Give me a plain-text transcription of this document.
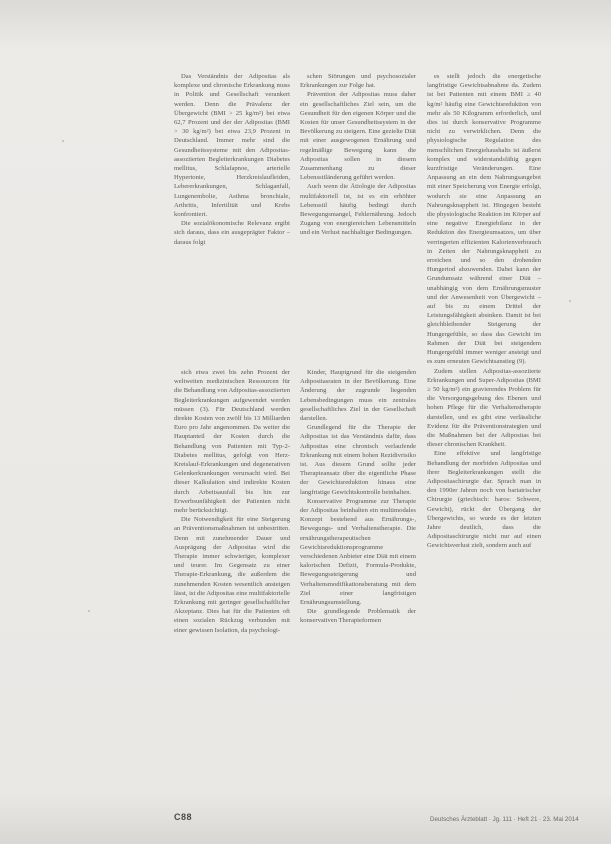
Das Verständnis der Adipositas als komplexe und chronische Erkrankung muss in Politik und Gesellschaft verankert werden. Denn die Prävalenz der Übergewicht (BMI > 25 kg/m²) bei etwa 62,7 Prozent und der der Adipositas (BMI > 30 kg/m²) bei etwa 23,9 Prozent in Deutschland. Immer mehr sind die Gesundheitssysteme mit den Adipositas-assoziierten Begleiterkrankungen Diabetes mellitus, Schlafapnoe, arterielle Hypertonie, Herzkreislaufleiden, Lebererkrankungen, Schlaganfall, Lungenembolie, Asthma bronchiale, Arthritis, Infertilität und Krebs konfrontiert.

Die sozialökonomische Relevanz ergibt sich daraus, dass ein ausgeprägter Faktor – daraus folgt

schen Störungen und psychosozialer Erkrankungen zur Folge hat.

Prävention der Adipositas muss daher ein gesellschaftliches Ziel sein, um die Gesundheit für den eigenen Körper und die Kosten für unser Gesundheitssystem in der Bevölkerung zu steigern. Eine gezielte Diät mit einer ausgewogenen Ernährung und regelmäßige Bewegung kann die Adipositas sollen in diesem Zusammenhang zu dieser Lebensstiländerung geführt werden.

Auch wenn die Ätiologie der Adipositas multifaktoriell ist, ist es ein erhöhter Lebensstil häufig bedingt durch Bewegungsmangel, Fehlernährung. Jedoch Zugang von energiereichen Lebensmitteln und ein Verlust nachhaltiger Bedingungen.

es stellt jedoch die energetische langfristige Gewichtsabnahme da. Zudem ist bei Patienten mit einem BMI ≥ 40 kg/m² häufig eine Gewichtsreduktion von mehr als 50 Kilogramm erforderlich, und dies ist durch konservative Programme nicht zu verwirklichen. Denn die physiologische Regulation des menschlichen Energiehaushalts ist äußerst komplex und widerstandsfähig gegen kurzfristige Veränderungen. Eine Anpassung an ein dem Nahrungsangebot mit einer Speicherung von Energie erfolgt, wodurch sie eine Anpassung an Nahrungsknappheit ist. Hingegen besteht die physiologische Reaktion im Körper auf eine negative Energiebilanz in der Reduktion des Energieumsatzes, um über verringerten effizienten Kalorienverbrauch in Zeiten der Nahrungsknappheit zu erreichen und so den drohenden Hungertod abzuwenden. Dabei kann der Grundumsatz während einer Diät – unabhängig von dem Ernährungsmuster und der Anwesenheit von Übergewicht – auf bis zu einem Drittel der Leistungsfähigkeit absinken. Damit ist bei gleichbleibender Steigerung der Hungergefühle, so dass das Gewicht im Rahmen der Diät bei steigendem Hungergefühl immer weniger ansteigt und es zum erneuten Gewichtsanstieg (9).

Zudem stellen Adipositas-assoziierte Erkrankungen und Super-Adipositas (BMI ≥ 50 kg/m²) ein gravierendes Problem für die Versorgungsgebung des Ebenen und hohen Pflege für die Verhaltenstherapie darstellen, und es gibt eine verlässliche Evidenz für die Präventionstrategien und die Maßnahmen bei der Adipositas bei dieser chronischen Krankheit.

Eine effektive und langfristige Behandlung der morbiden Adipositas und ihrer Begleiterkrankungen stellt die Adipositaschirurgie dar. Sprach man in den 1990er Jahren noch von bariatrischer Chirurgie (griechisch: baros: Schwere, Gewicht), rückt der Übergang der Übergewichts, so wurde es der letzten Jahre deutlich, dass die Adipositaschirurgie nicht nur auf einen Gewichtsverlust zielt, sondern auch auf

sich etwa zwei bis zehn Prozent der weltweiten medizinischen Ressourcen für die Behandlung von Adipositas-assoziierten Begleiterkrankungen aufgewendet werden müssen (3). Für Deutschland werden direkte Kosten von zwölf bis 13 Milliarden Euro pro Jahr angenommen. Da weiter die Hauptanteil der Kosten durch die Behandlung von Patienten mit Typ-2-Diabetes mellitus, gefolgt von Herz-Kreislauf-Erkrankungen und degenerativen Gelenkerkrankungen verursacht wird. Bei dieser Kalkulation sind indirekte Kosten durch Arbeitsausfall bis hin zur Erwerbsunfähigkeit der Patienten nicht mehr berücksichtigt.

Die Notwendigkeit für eine Steigerung an Präventionsmaßnahmen ist unbestritten. Denn mit zunehmender Dauer und Ausprägung der Adipositas wird die Therapie immer schwieriger, komplexer und teurer. Im Gegensatz zu einer Therapie-Erkrankung, die außerdem die zunehmenden Kosten wesentlich ansteigen lässt, ist die Adipositas eine multifaktorielle Erkrankung mit geringer gesellschaftlicher Akzeptanz. Dies hat für die Patienten oft einen sozialen Rückzug verbunden mit einer gewissen Isolation, da psychologi-

Kinder, Hauptgrund für die steigenden Adipositasraten in der Bevölkerung. Eine Änderung der zugrunde liegenden Lebensbedingungen muss ein zentrales gesellschaftliches Ziel in der Gesellschaft darstellen.

Grundlegend für die Therapie der Adipositas ist das Verständnis dafür, dass Adipositas eine chronisch verlaufende Erkrankung mit einem hohen Rezidivrisiko ist. Aus diesem Grund sollte jeder Therapieansatz über die eigentliche Phase der Gewichtsreduktion hinaus eine langfristige Gewichtskontrolle beinhalten.

Konservative Programme zur Therapie der Adipositas beinhalten ein multimodales Konzept bestehend aus Ernährungs-, Bewegungs- und Verhaltenstherapie. Die ernährungstherapeutischen Gewichtsreduktionsprogramme verschiedenen Anbieter eine Diät mit einem kalorischen Defizit, Formula-Produkte, Bewegungssteigerung und Verhaltensmodifikationsberatung mit dem Ziel einer langfristigen Ernährungsumstellung.

Die grundlegende Problematik der konservativen Therapieformen

C88	Deutsches Ärzteblatt · Jg. 111 · Heft 21 · 23. Mai 2014
